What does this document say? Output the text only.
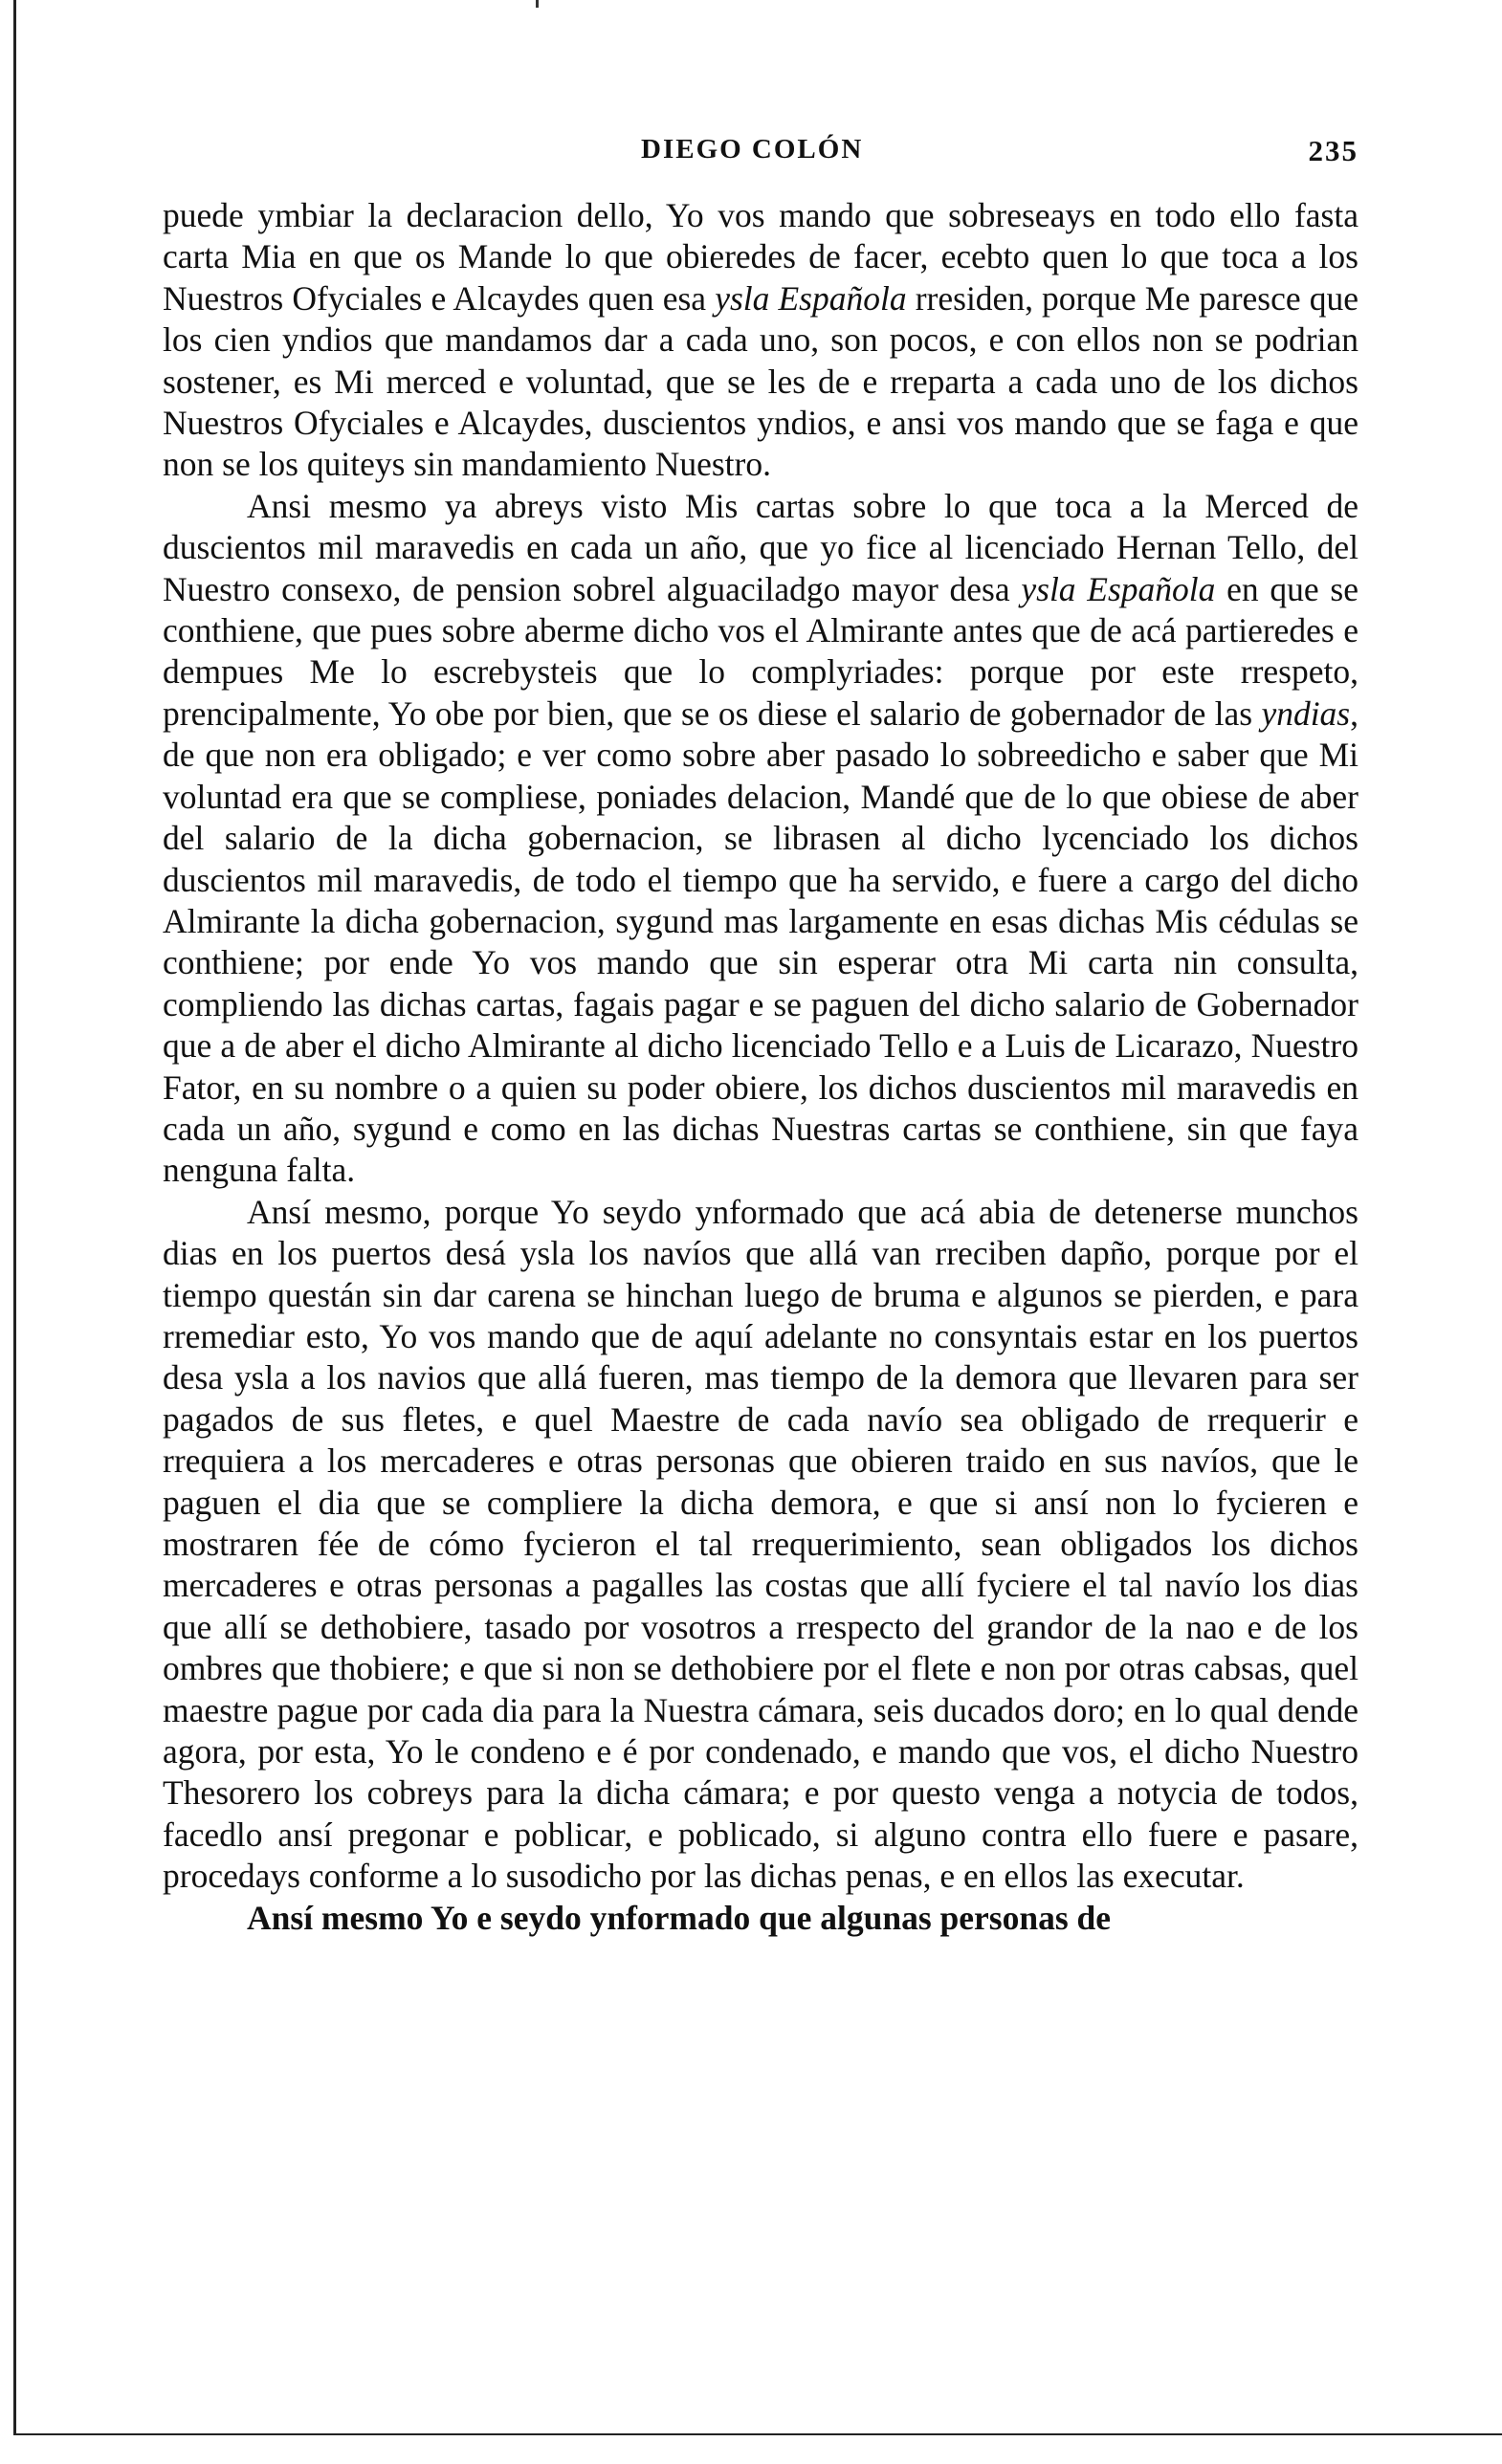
DIEGO COLÓN	235

puede ymbiar la declaracion dello, Yo vos mando que sobreseays en todo ello fasta carta Mia en que os Mande lo que obieredes de facer, ecebto quen lo que toca a los Nuestros Ofyciales e Alcaydes quen esa ysla Española rresiden, porque Me paresce que los cien yndios que mandamos dar a cada uno, son pocos, e con ellos non se podrian sostener, es Mi merced e voluntad, que se les de e rreparta a cada uno de los dichos Nuestros Ofyciales e Alcaydes, duscientos yndios, e ansi vos mando que se faga e que non se los quiteys sin mandamiento Nuestro.

Ansi mesmo ya abreys visto Mis cartas sobre lo que toca a la Merced de duscientos mil maravedis en cada un año, que yo fice al licenciado Hernan Tello, del Nuestro consexo, de pension sobrel alguaciladgo mayor desa ysla Española en que se conthiene, que pues sobre aberme dicho vos el Almirante antes que de acá partieredes e dempues Me lo escrebysteis que lo complyriades: porque por este rrespeto, prencipalmente, Yo obe por bien, que se os diese el salario de gobernador de las yndias, de que non era obligado; e ver como sobre aber pasado lo sobreedicho e saber que Mi voluntad era que se compliese, poniades delacion, Mandé que de lo que obiese de aber del salario de la dicha gobernacion, se librasen al dicho lycenciado los dichos duscientos mil maravedis, de todo el tiempo que ha servido, e fuere a cargo del dicho Almirante la dicha gobernacion, sygund mas largamente en esas dichas Mis cédulas se conthiene; por ende Yo vos mando que sin esperar otra Mi carta nin consulta, compliendo las dichas cartas, fagais pagar e se paguen del dicho salario de Gobernador que a de aber el dicho Almirante al dicho licenciado Tello e a Luis de Licarazo, Nuestro Fator, en su nombre o a quien su poder obiere, los dichos duscientos mil maravedis en cada un año, sygund e como en las dichas Nuestras cartas se conthiene, sin que faya nenguna falta.

Ansí mesmo, porque Yo seydo ynformado que acá abia de detenerse munchos dias en los puertos desá ysla los navíos que allá van rreciben dapño, porque por el tiempo questán sin dar carena se hinchan luego de bruma e algunos se pierden, e para rremediar esto, Yo vos mando que de aquí adelante no consyntais estar en los puertos desa ysla a los navios que allá fueren, mas tiempo de la demora que llevaren para ser pagados de sus fletes, e quel Maestre de cada navío sea obligado de rrequerir e rrequiera a los mercaderes e otras personas que obieren traido en sus navíos, que le paguen el dia que se compliere la dicha demora, e que si ansí non lo fycieren e mostraren fée de cómo fycieron el tal rrequerimiento, sean obligados los dichos mercaderes e otras personas a pagalles las costas que allí fyciere el tal navío los dias que allí se dethobiere, tasado por vosotros a rrespecto del grandor de la nao e de los ombres que thobiere; e que si non se dethobiere por el flete e non por otras cabsas, quel maestre pague por cada dia para la Nuestra cámara, seis ducados doro; en lo qual dende agora, por esta, Yo le condeno e é por condenado, e mando que vos, el dicho Nuestro Thesorero los cobreys para la dicha cámara; e por questo venga a notycia de todos, facedlo ansí pregonar e poblicar, e poblicado, si alguno contra ello fuere e pasare, procedays conforme a lo susodicho por las dichas penas, e en ellos las executar.

Ansí mesmo Yo e seydo ynformado que algunas personas de
